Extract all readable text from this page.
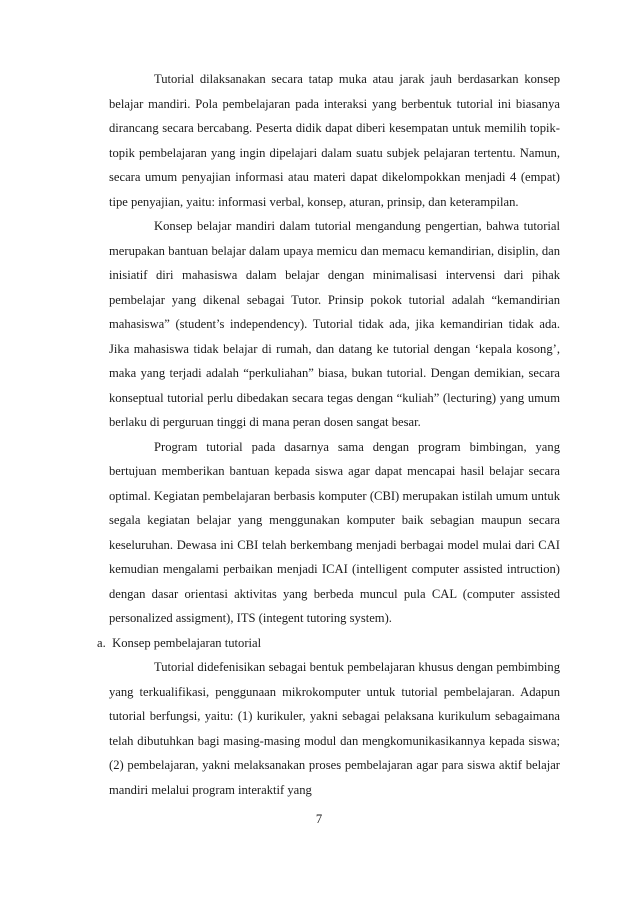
Tutorial dilaksanakan secara tatap muka atau jarak jauh berdasarkan konsep belajar mandiri. Pola pembelajaran pada interaksi yang berbentuk tutorial ini biasanya dirancang secara bercabang. Peserta didik dapat diberi kesempatan untuk memilih topik-topik pembelajaran yang ingin dipelajari dalam suatu subjek pelajaran tertentu. Namun, secara umum penyajian informasi atau materi dapat dikelompokkan menjadi 4 (empat) tipe penyajian, yaitu: informasi verbal, konsep, aturan, prinsip, dan keterampilan.

Konsep belajar mandiri dalam tutorial mengandung pengertian, bahwa tutorial merupakan bantuan belajar dalam upaya memicu dan memacu kemandirian, disiplin, dan inisiatif diri mahasiswa dalam belajar dengan minimalisasi intervensi dari pihak pembelajar yang dikenal sebagai Tutor. Prinsip pokok tutorial adalah “kemandirian mahasiswa” (student’s independency). Tutorial tidak ada, jika kemandirian tidak ada. Jika mahasiswa tidak belajar di rumah, dan datang ke tutorial dengan ‘kepala kosong’, maka yang terjadi adalah “perkuliahan” biasa, bukan tutorial. Dengan demikian, secara konseptual tutorial perlu dibedakan secara tegas dengan “kuliah” (lecturing) yang umum berlaku di perguruan tinggi di mana peran dosen sangat besar.

Program tutorial pada dasarnya sama dengan program bimbingan, yang bertujuan memberikan bantuan kepada siswa agar dapat mencapai hasil belajar secara optimal. Kegiatan pembelajaran berbasis komputer (CBI) merupakan istilah umum untuk segala kegiatan belajar yang menggunakan komputer baik sebagian maupun secara keseluruhan. Dewasa ini CBI telah berkembang menjadi berbagai model mulai dari CAI kemudian mengalami perbaikan menjadi ICAI (intelligent computer assisted intruction) dengan dasar orientasi aktivitas yang berbeda muncul pula CAL (computer assisted personalized assigment), ITS (integent tutoring system).

a. Konsep pembelajaran tutorial

Tutorial didefenisikan sebagai bentuk pembelajaran khusus dengan pembimbing yang terkualifikasi, penggunaan mikrokomputer untuk tutorial pembelajaran. Adapun tutorial berfungsi, yaitu: (1) kurikuler, yakni sebagai pelaksana kurikulum sebagaimana telah dibutuhkan bagi masing-masing modul dan mengkomunikasikannya kepada siswa; (2) pembelajaran, yakni melaksanakan proses pembelajaran agar para siswa aktif belajar mandiri melalui program interaktif yang

7
